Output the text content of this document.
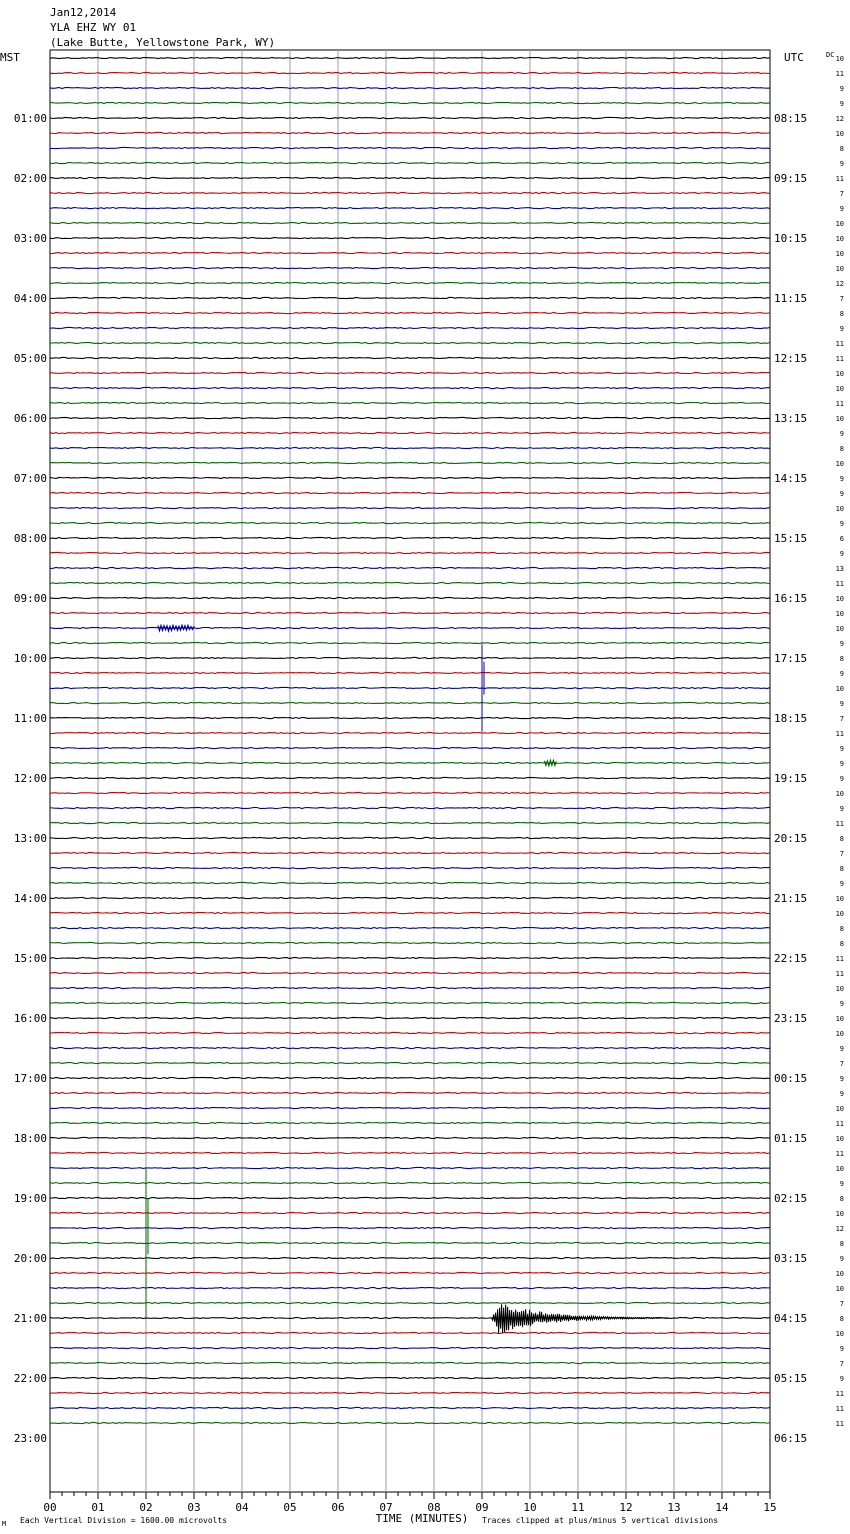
Jan12,2014
YLA EHZ WY 01
(Lake Butte, Yellowstone Park, WY)
MST	UTC	DC
01:00	08:15
02:00	09:15
03:00	10:15
04:00	11:15
05:00	12:15
06:00	13:15
07:00	14:15
08:00	15:15
09:00	16:15
10:00	17:15
11:00	18:15
12:00	19:15
13:00	20:15
14:00	21:15
15:00	22:15
16:00	23:15
17:00	00:15
18:00	01:15
19:00	02:15
20:00	03:15
21:00	04:15
22:00	05:15
23:00	06:15
10
11
9
9
12
10
8
9
11
7
9
10
10
10
10
12
7
8
9
11
11
10
10
11
10
9
8
10
9
9
10
9
6
9
13
11
10
10
10
9
8
9
10
9
7
11
9
9
9
10
9
11
8
7
8
9
10
10
8
8
11
11
10
9
10
10
9
7
9
9
10
11
10
11
10
9
8
10
12
8
9
10
10
7
8
10
9
7
9
11
11
11
00	01	02	03	04	05	06	07	08	09	10	11	12	13	14	15
TIME (MINUTES)
M Each Vertical Division = 1600.00 microvolts	Traces clipped at plus/minus 5 vertical divisions
